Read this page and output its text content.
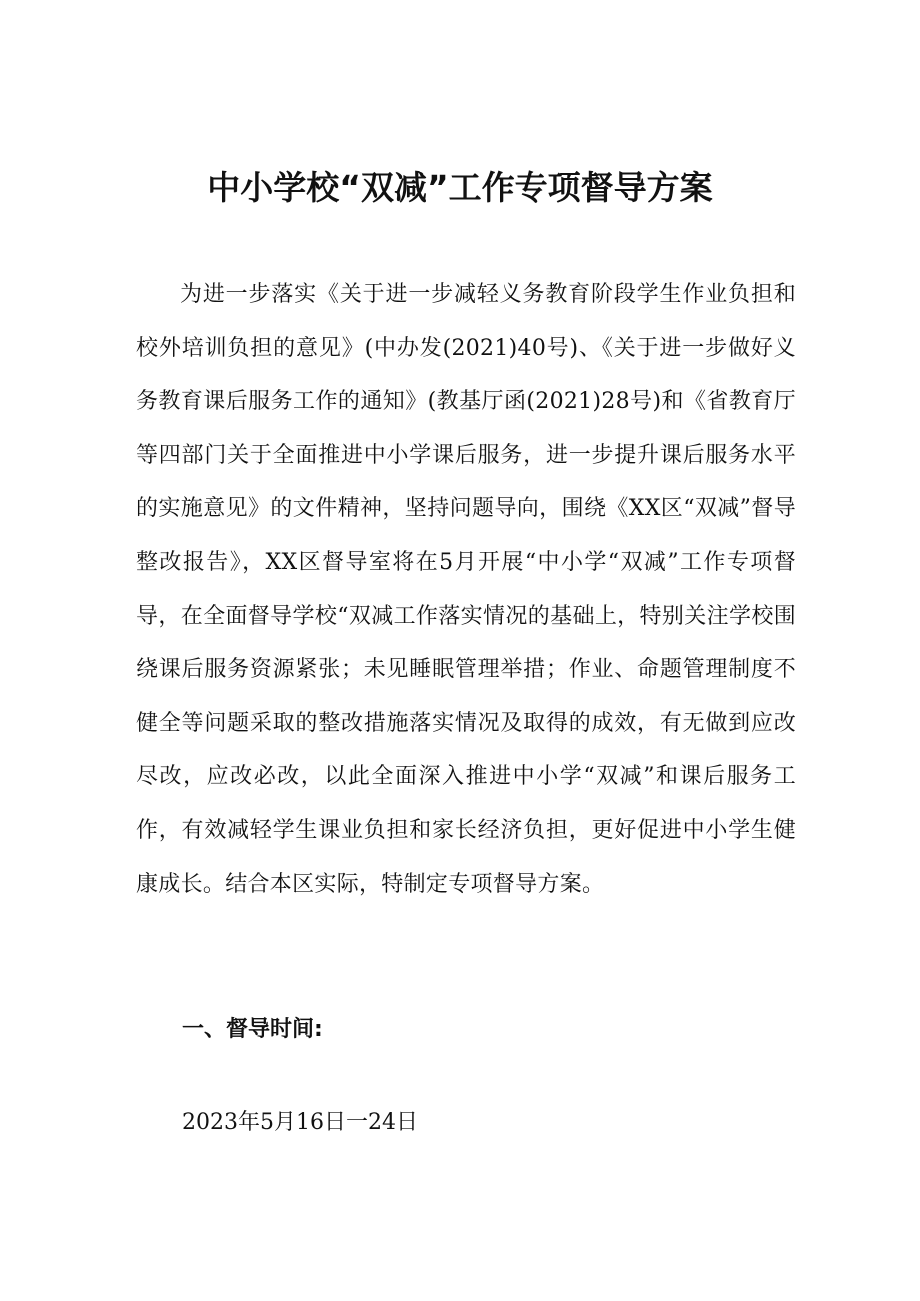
中小学校“双减”工作专项督导方案

为进一步落实《关于进一步减轻义务教育阶段学生作业负担和校外培训负担的意见》(中办发(2021)40号)、《关于进一步做好义务教育课后服务工作的通知》(教基厅函(2021)28号)和《省教育厅等四部门关于全面推进中小学课后服务，进一步提升课后服务水平的实施意见》的文件精神，坚持问题导向，围绕《XX区“双减”督导整改报告》，XX区督导室将在5月开展“中小学“双减”工作专项督导，在全面督导学校“双减工作落实情况的基础上，特别关注学校围绕课后服务资源紧张；未见睡眠管理举措；作业、命题管理制度不健全等问题采取的整改措施落实情况及取得的成效，有无做到应改尽改，应改必改，以此全面深入推进中小学“双减”和课后服务工作，有效减轻学生课业负担和家长经济负担，更好促进中小学生健康成长。结合本区实际，特制定专项督导方案。

一、督导时间:

2023年5月16日一24日
